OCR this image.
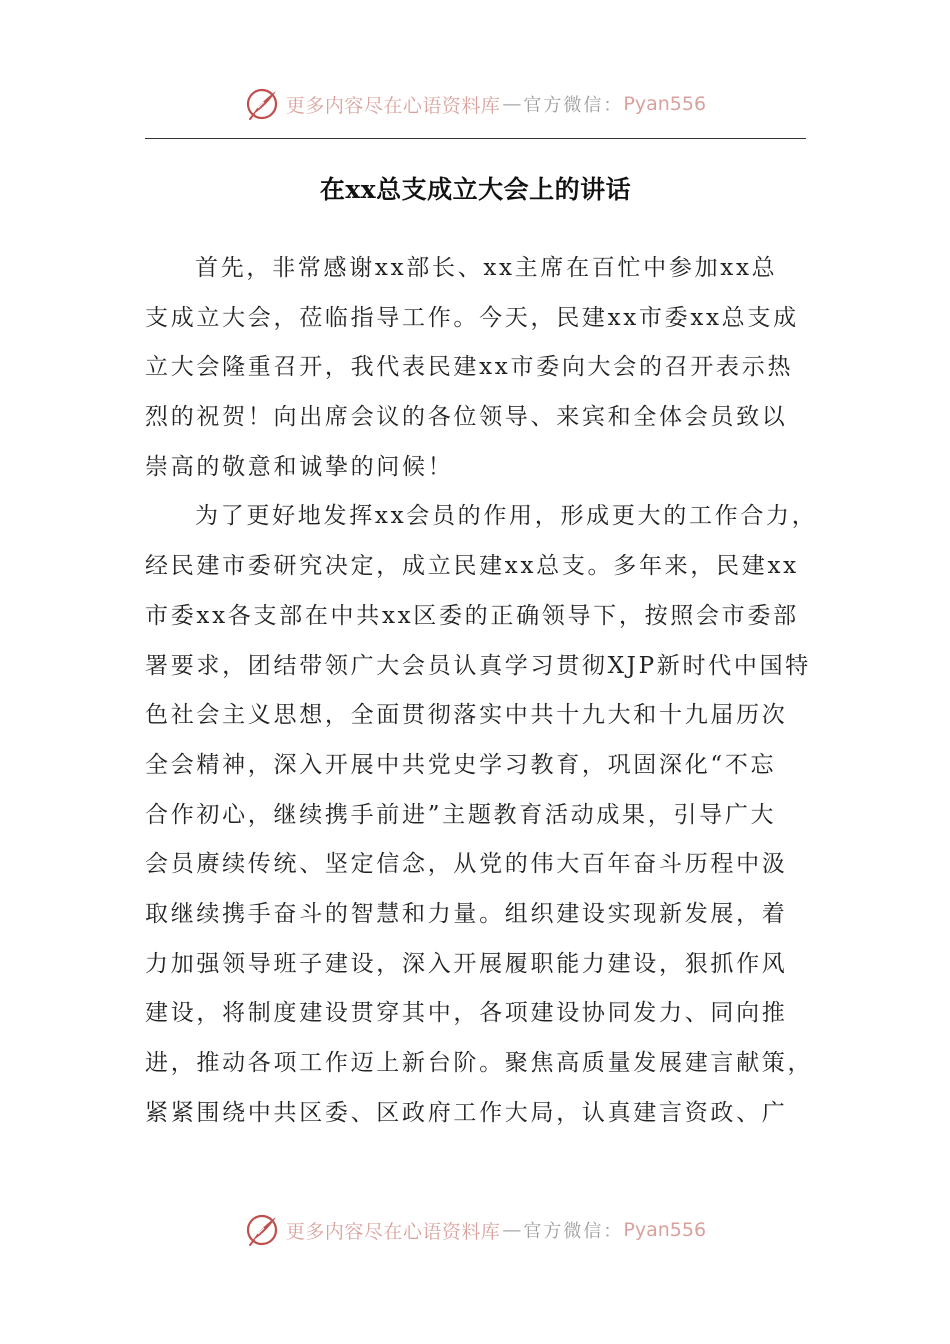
更多内容尽在心语资料库 — 官方微信： Pyan556
在xx总支成立大会上的讲话
首先，非常感谢xx部长、xx主席在百忙中参加xx总
支成立大会，莅临指导工作。今天，民建xx市委xx总支成
立大会隆重召开，我代表民建xx市委向大会的召开表示热
烈的祝贺！向出席会议的各位领导、来宾和全体会员致以
崇高的敬意和诚挚的问候！
为了更好地发挥xx会员的作用，形成更大的工作合力，
经民建市委研究决定，成立民建xx总支。多年来，民建xx
市委xx各支部在中共xx区委的正确领导下，按照会市委部
署要求，团结带领广大会员认真学习贯彻XJP新时代中国特
色社会主义思想，全面贯彻落实中共十九大和十九届历次
全会精神，深入开展中共党史学习教育，巩固深化“不忘
合作初心，继续携手前进”主题教育活动成果，引导广大
会员赓续传统、坚定信念，从党的伟大百年奋斗历程中汲
取继续携手奋斗的智慧和力量。组织建设实现新发展，着
力加强领导班子建设，深入开展履职能力建设，狠抓作风
建设，将制度建设贯穿其中，各项建设协同发力、同向推
进，推动各项工作迈上新台阶。聚焦高质量发展建言献策，
紧紧围绕中共区委、区政府工作大局，认真建言资政、广
更多内容尽在心语资料库 — 官方微信： Pyan556
